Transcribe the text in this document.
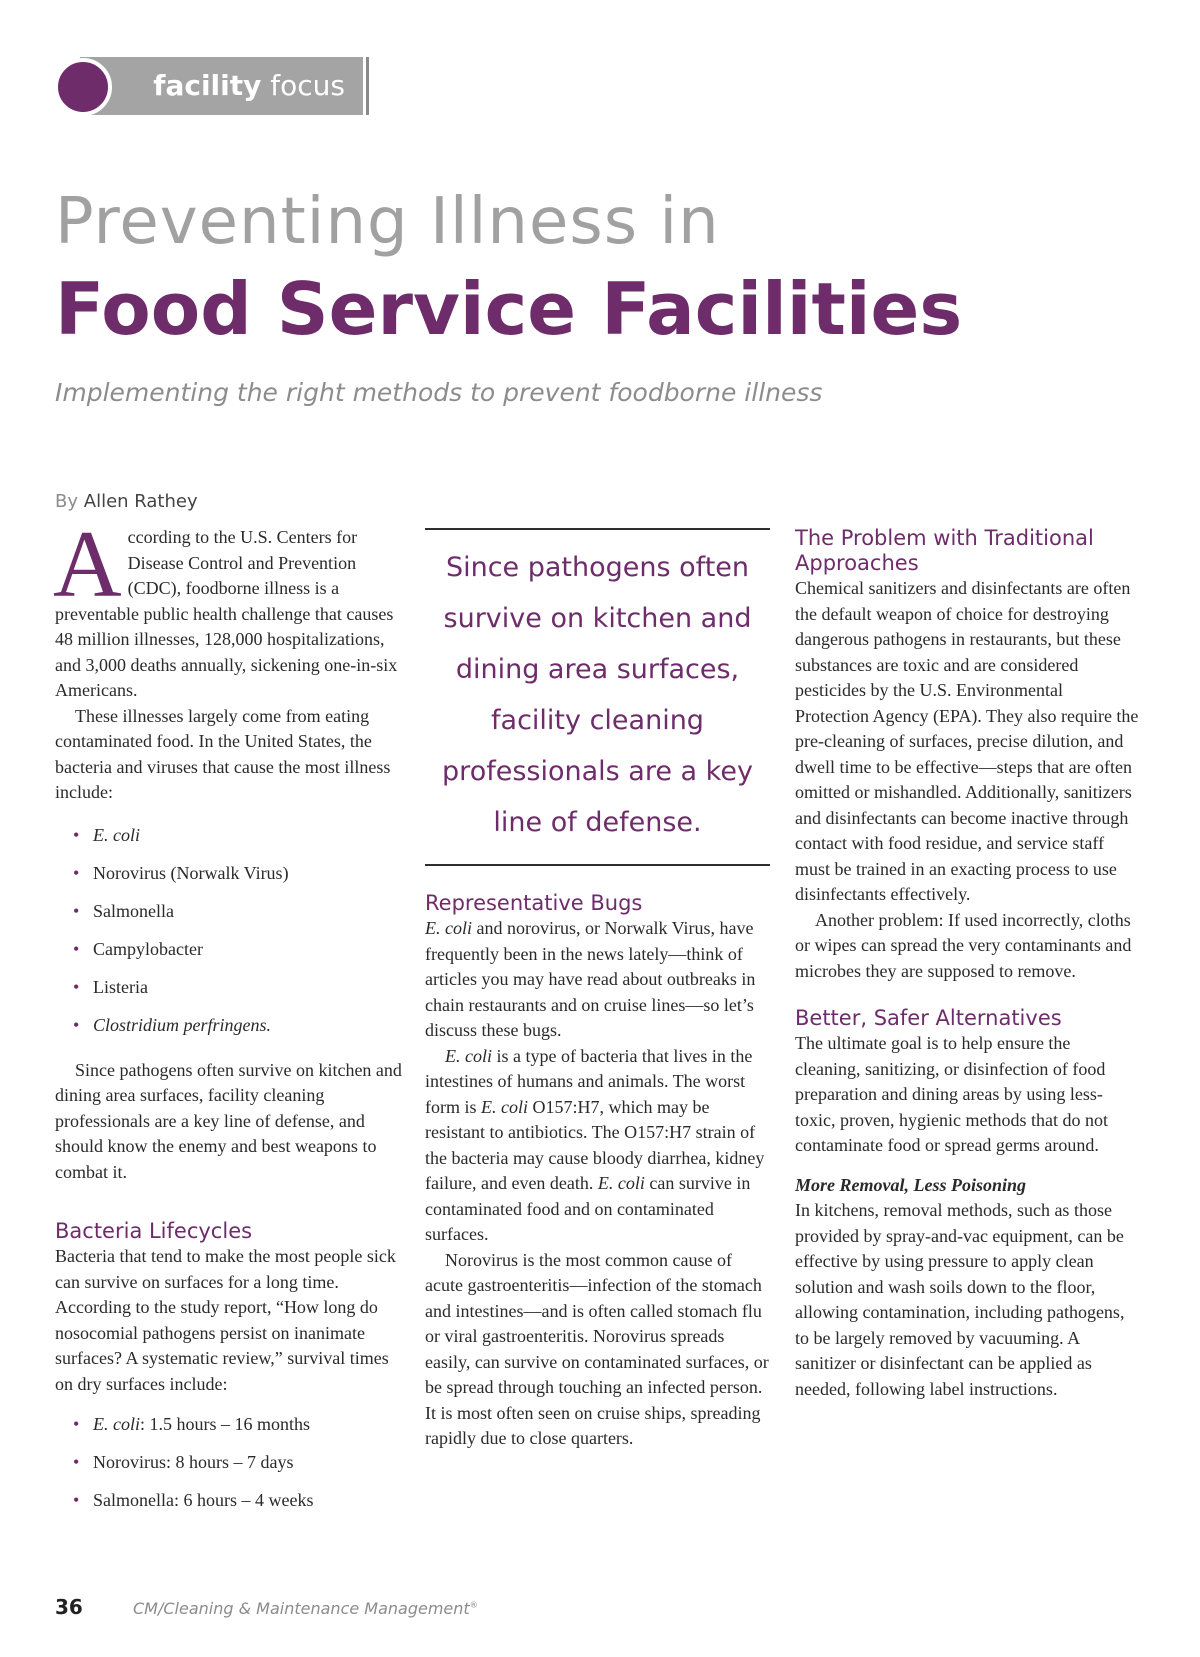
facility focus
Preventing Illness in
Food Service Facilities
Implementing the right methods to prevent foodborne illness
By Allen Rathey

According to the U.S. Centers for Disease Control and Prevention (CDC), foodborne illness is a preventable public health challenge that causes 48 million illnesses, 128,000 hospitalizations, and 3,000 deaths annually, sickening one-in-six Americans.

These illnesses largely come from eating contaminated food. In the United States, the bacteria and viruses that cause the most illness include:

• E. coli
• Norovirus (Norwalk Virus)
• Salmonella
• Campylobacter
• Listeria
• Clostridium perfringens.

Since pathogens often survive on kitchen and dining area surfaces, facility cleaning professionals are a key line of defense, and should know the enemy and best weapons to combat it.

Bacteria Lifecycles

Bacteria that tend to make the most people sick can survive on surfaces for a long time. According to the study report, “How long do nosocomial pathogens persist on inanimate surfaces? A systematic review,” survival times on dry surfaces include:

• E. coli: 1.5 hours – 16 months
• Norovirus: 8 hours – 7 days
• Salmonella: 6 hours – 4 weeks
Since pathogens often survive on kitchen and dining area surfaces, facility cleaning professionals are a key line of defense.
Representative Bugs

E. coli and norovirus, or Norwalk Virus, have frequently been in the news lately—think of articles you may have read about outbreaks in chain restaurants and on cruise lines—so let’s discuss these bugs.

E. coli is a type of bacteria that lives in the intestines of humans and animals. The worst form is E. coli O157:H7, which may be resistant to antibiotics. The O157:H7 strain of the bacteria may cause bloody diarrhea, kidney failure, and even death. E. coli can survive in contaminated food and on contaminated surfaces.

Norovirus is the most common cause of acute gastroenteritis—infection of the stomach and intestines—and is often called stomach flu or viral gastroenteritis. Norovirus spreads easily, can survive on contaminated surfaces, or be spread through touching an infected person. It is most often seen on cruise ships, spreading rapidly due to close quarters.

The Problem with Traditional Approaches

Chemical sanitizers and disinfectants are often the default weapon of choice for destroying dangerous pathogens in restaurants, but these substances are toxic and are considered pesticides by the U.S. Environmental Protection Agency (EPA). They also require the pre-cleaning of surfaces, precise dilution, and dwell time to be effective—steps that are often omitted or mishandled. Additionally, sanitizers and disinfectants can become inactive through contact with food residue, and service staff must be trained in an exacting process to use disinfectants effectively.

Another problem: If used incorrectly, cloths or wipes can spread the very contaminants and microbes they are supposed to remove.

Better, Safer Alternatives

The ultimate goal is to help ensure the cleaning, sanitizing, or disinfection of food preparation and dining areas by using less-toxic, proven, hygienic methods that do not contaminate food or spread germs around.

More Removal, Less Poisoning

In kitchens, removal methods, such as those provided by spray-and-vac equipment, can be effective by using pressure to apply clean solution and wash soils down to the floor, allowing contamination, including pathogens, to be largely removed by vacuuming. A sanitizer or disinfectant can be applied as needed, following label instructions.

36	CM/Cleaning & Maintenance Management®
